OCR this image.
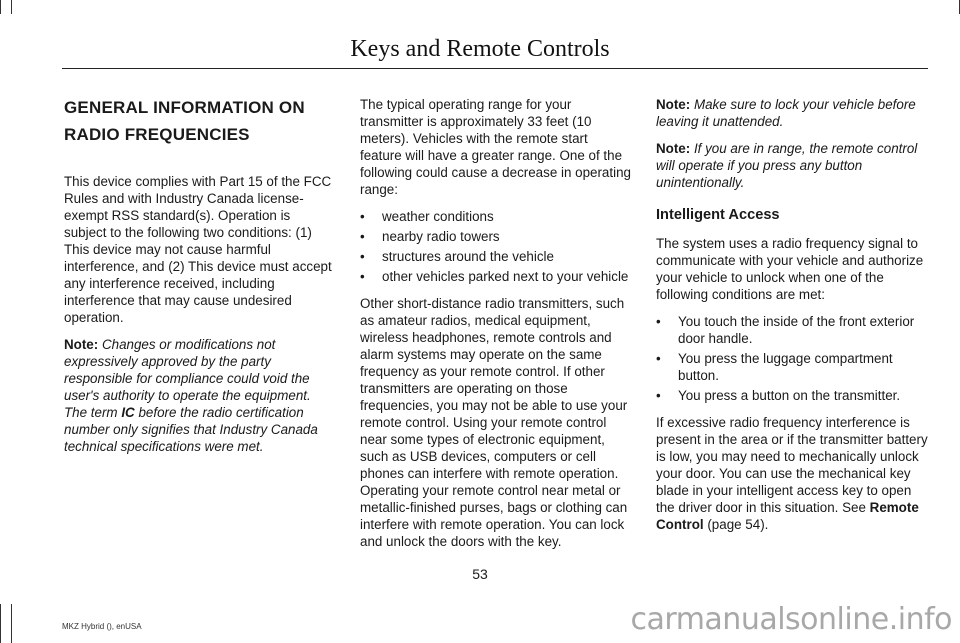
Keys and Remote Controls
GENERAL INFORMATION ON
RADIO FREQUENCIES

This device complies with Part 15 of the FCC Rules and with Industry Canada license-exempt RSS standard(s). Operation is subject to the following two conditions: (1) This device may not cause harmful interference, and (2) This device must accept any interference received, including interference that may cause undesired operation.

Note: Changes or modifications not expressively approved by the party responsible for compliance could void the user's authority to operate the equipment. The term IC before the radio certification number only signifies that Industry Canada technical specifications were met.

The typical operating range for your transmitter is approximately 33 feet (10 meters). Vehicles with the remote start feature will have a greater range. One of the following could cause a decrease in operating range:

• weather conditions
• nearby radio towers
• structures around the vehicle
• other vehicles parked next to your vehicle

Other short-distance radio transmitters, such as amateur radios, medical equipment, wireless headphones, remote controls and alarm systems may operate on the same frequency as your remote control. If other transmitters are operating on those frequencies, you may not be able to use your remote control. Using your remote control near some types of electronic equipment, such as USB devices, computers or cell phones can interfere with remote operation. Operating your remote control near metal or metallic-finished purses, bags or clothing can interfere with remote operation. You can lock and unlock the doors with the key.

Note: Make sure to lock your vehicle before leaving it unattended.

Note: If you are in range, the remote control will operate if you press any button unintentionally.

Intelligent Access

The system uses a radio frequency signal to communicate with your vehicle and authorize your vehicle to unlock when one of the following conditions are met:

• You touch the inside of the front exterior door handle.
• You press the luggage compartment button.
• You press a button on the transmitter.

If excessive radio frequency interference is present in the area or if the transmitter battery is low, you may need to mechanically unlock your door. You can use the mechanical key blade in your intelligent access key to open the driver door in this situation. See Remote Control (page 54).

53
MKZ Hybrid (), enUSA	carmanualsonline.info
